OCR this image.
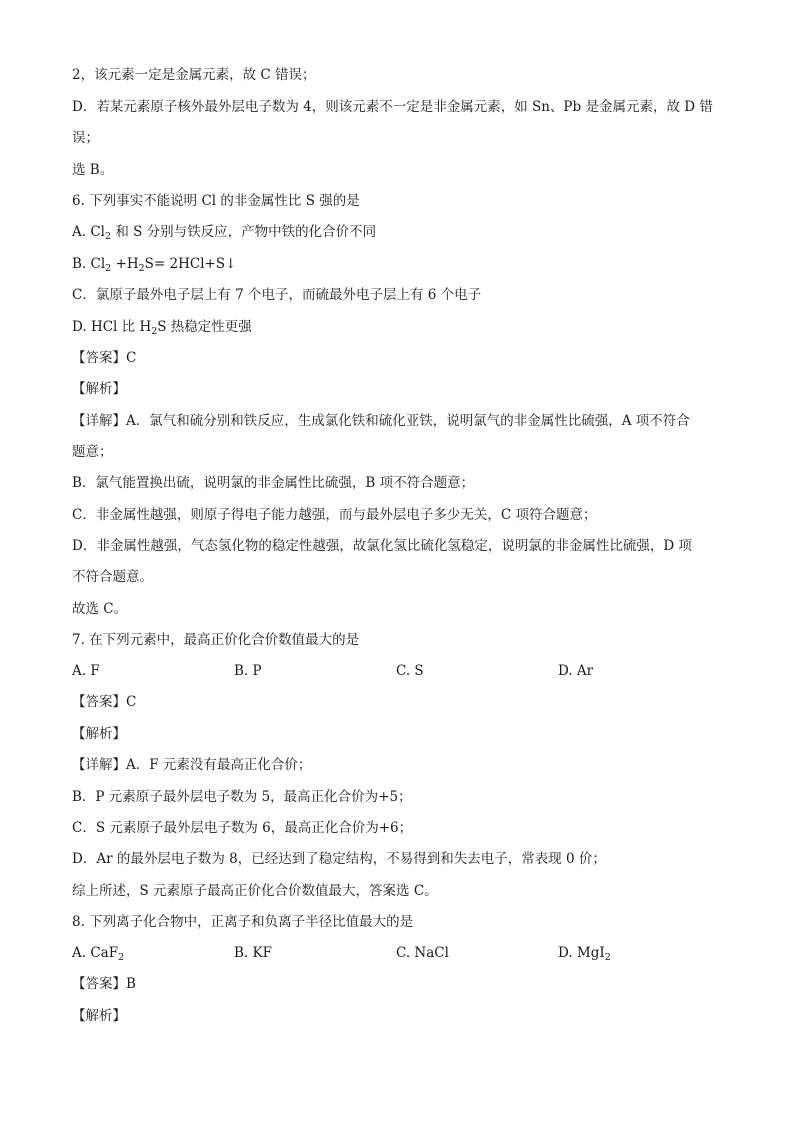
2，该元素一定是金属元素，故 C 错误；
D．若某元素原子核外最外层电子数为 4，则该元素不一定是非金属元素，如 Sn、Pb 是金属元素，故 D 错
误；
选 B。
6. 下列事实不能说明 Cl 的非金属性比 S 强的是
A. $Cl_2$ 和 S 分别与铁反应，产物中铁的化合价不同
B. $Cl_2 +H_2S=$ 2HCl+S↓
C．氯原子最外电子层上有 7 个电子，而硫最外电子层上有 6 个电子
D. HCl 比 $H_2S$ 热稳定性更强
【答案】C
【解析】
【详解】A．氯气和硫分别和铁反应，生成氯化铁和硫化亚铁，说明氯气的非金属性比硫强，A 项不符合
题意；
B．氯气能置换出硫，说明氯的非金属性比硫强，B 项不符合题意；
C．非金属性越强，则原子得电子能力越强，而与最外层电子多少无关，C 项符合题意；
D．非金属性越强，气态氢化物的稳定性越强，故氯化氢比硫化氢稳定，说明氯的非金属性比硫强，D 项
不符合题意。
故选 C。
7. 在下列元素中，最高正价化合价数值最大的是
A. F	B. P	C. S	D. Ar
【答案】C
【解析】
【详解】A．F 元素没有最高正化合价；
B．P 元素原子最外层电子数为 5，最高正化合价为+5；
C．S 元素原子最外层电子数为 6，最高正化合价为+6；
D．Ar 的最外层电子数为 8，已经达到了稳定结构，不易得到和失去电子，常表现 0 价；
综上所述，S 元素原子最高正价化合价数值最大，答案选 C。
8. 下列离子化合物中，正离子和负离子半径比值最大的是
A. CaF$_2$	B. KF	C. NaCl	D. MgI$_2$
【答案】B
【解析】
